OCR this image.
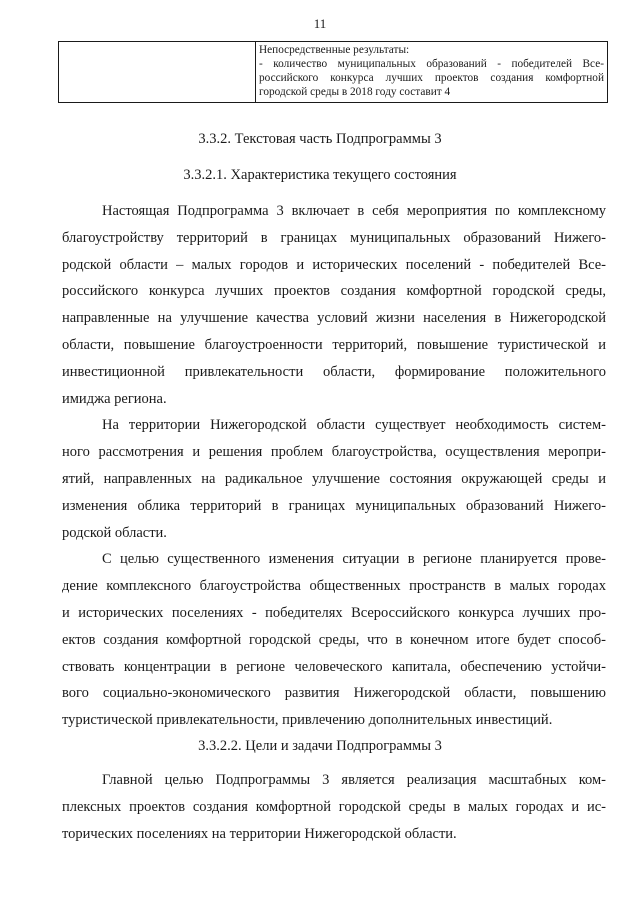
11

Непосредственные результаты:
- количество муниципальных образований - победителей Все-
российского конкурса лучших проектов создания комфортной
городской среды в 2018 году составит 4
3.3.2. Текстовая часть Подпрограммы 3
3.3.2.1. Характеристика текущего состояния
Настоящая Подпрограмма 3 включает в себя мероприятия по комплексному
благоустройству территорий в границах муниципальных образований Нижего-
родской области – малых городов и исторических поселений - победителей Все-
российского конкурса лучших проектов создания комфортной городской среды,
направленные на улучшение качества условий жизни населения в Нижегородской
области, повышение благоустроенности территорий, повышение туристической и
инвестиционной привлекательности области, формирование положительного
имиджа региона.
На территории Нижегородской области существует необходимость систем-
ного рассмотрения и решения проблем благоустройства, осуществления меропри-
ятий, направленных на радикальное улучшение состояния окружающей среды и
изменения облика территорий в границах муниципальных образований Нижего-
родской области.
С целью существенного изменения ситуации в регионе планируется прове-
дение комплексного благоустройства общественных пространств в малых городах
и исторических поселениях - победителях Всероссийского конкурса лучших про-
ектов создания комфортной городской среды, что в конечном итоге будет способ-
ствовать концентрации в регионе человеческого капитала, обеспечению устойчи-
вого социально-экономического развития Нижегородской области, повышению
туристической привлекательности, привлечению дополнительных инвестиций.
3.3.2.2. Цели и задачи Подпрограммы 3
Главной целью Подпрограммы 3 является реализация масштабных ком-
плексных проектов создания комфортной городской среды в малых городах и ис-
торических поселениях на территории Нижегородской области.
